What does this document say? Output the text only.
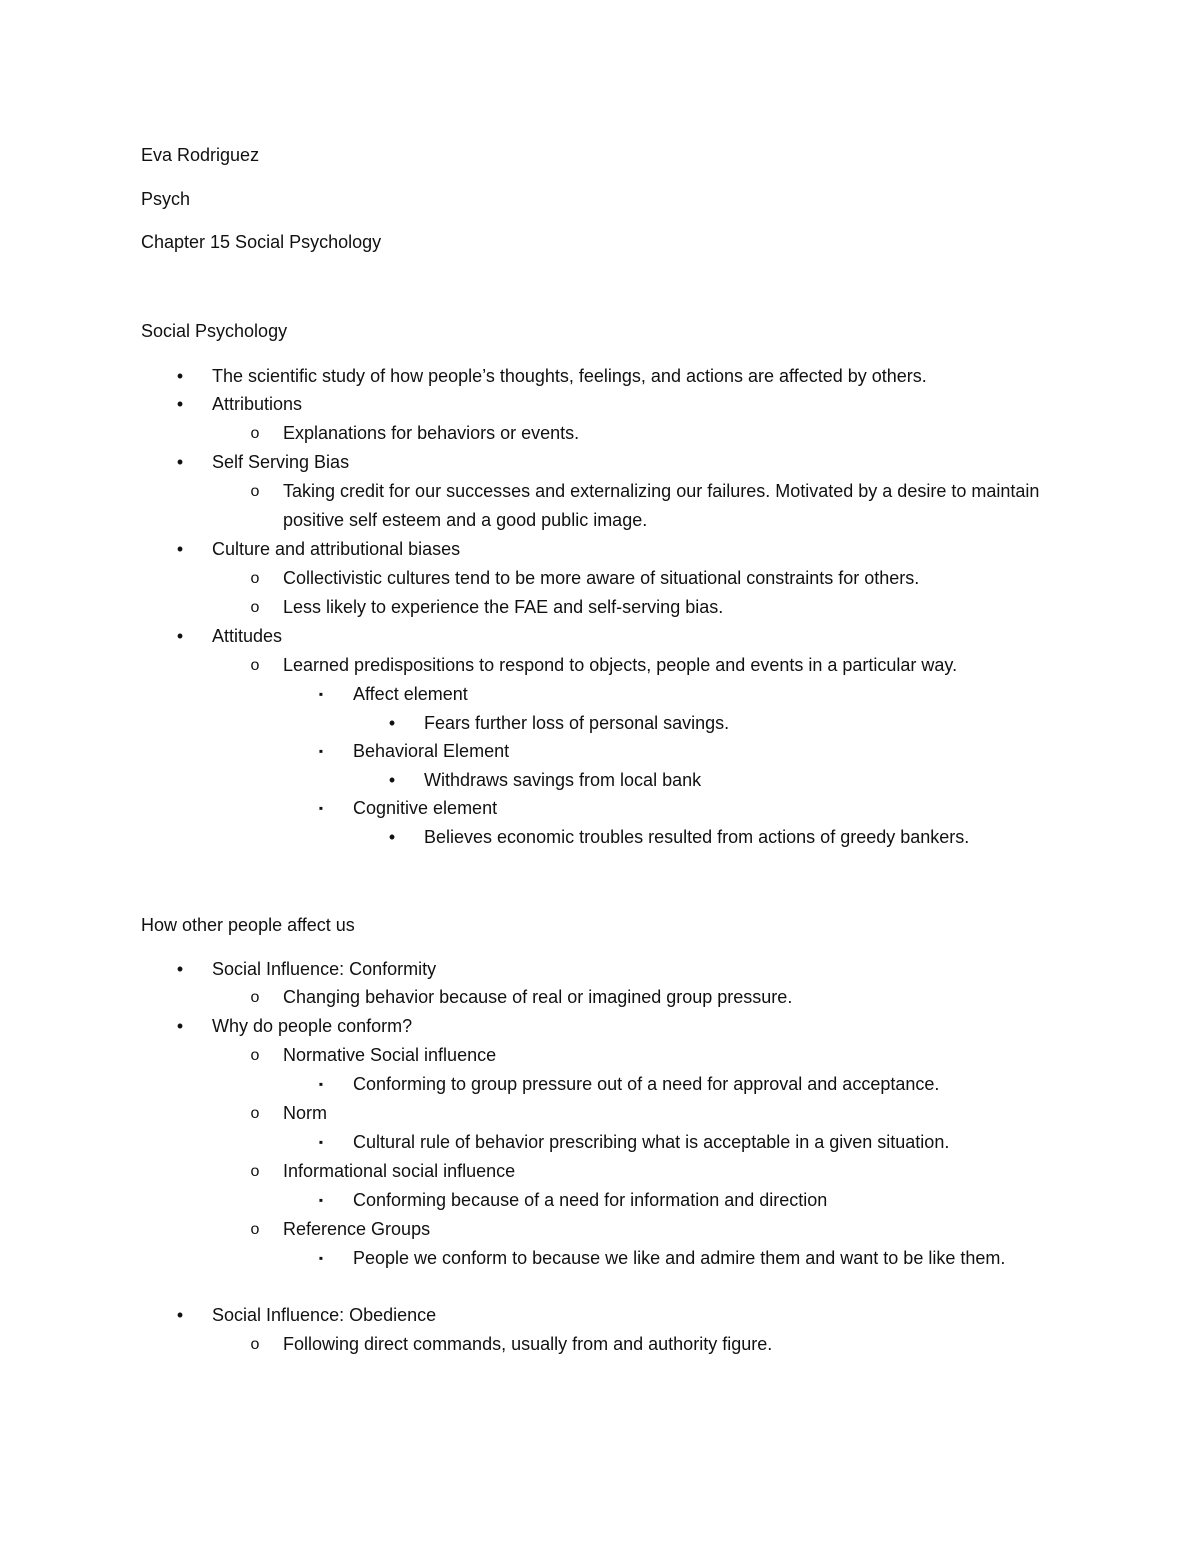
Eva Rodriguez

Psych

Chapter 15 Social Psychology

Social Psychology

•	The scientific study of how people’s thoughts, feelings, and actions are affected by others.
•	Attributions
o	Explanations for behaviors or events.
•	Self Serving Bias
o	Taking credit for our successes and externalizing our failures. Motivated by a desire to maintain positive self esteem and a good public image.
•	Culture and attributional biases
o	Collectivistic cultures tend to be more aware of situational constraints for others.
o	Less likely to experience the FAE and self-serving bias.
•	Attitudes
o	Learned predispositions to respond to objects, people and events in a particular way.
▪	Affect element
•	Fears further loss of personal savings.
▪	Behavioral Element
•	Withdraws savings from local bank
▪	Cognitive element
•	Believes economic troubles resulted from actions of greedy bankers.

How other people affect us

•	Social Influence: Conformity
o	Changing behavior because of real or imagined group pressure.
•	Why do people conform?
o	Normative Social influence
▪	Conforming to group pressure out of a need for approval and acceptance.
o	Norm
▪	Cultural rule of behavior prescribing what is acceptable in a given situation.
o	Informational social influence
▪	Conforming because of a need for information and direction
o	Reference Groups
▪	People we conform to because we like and admire them and want to be like them.
•	Social Influence: Obedience
o	Following direct commands, usually from and authority figure.
